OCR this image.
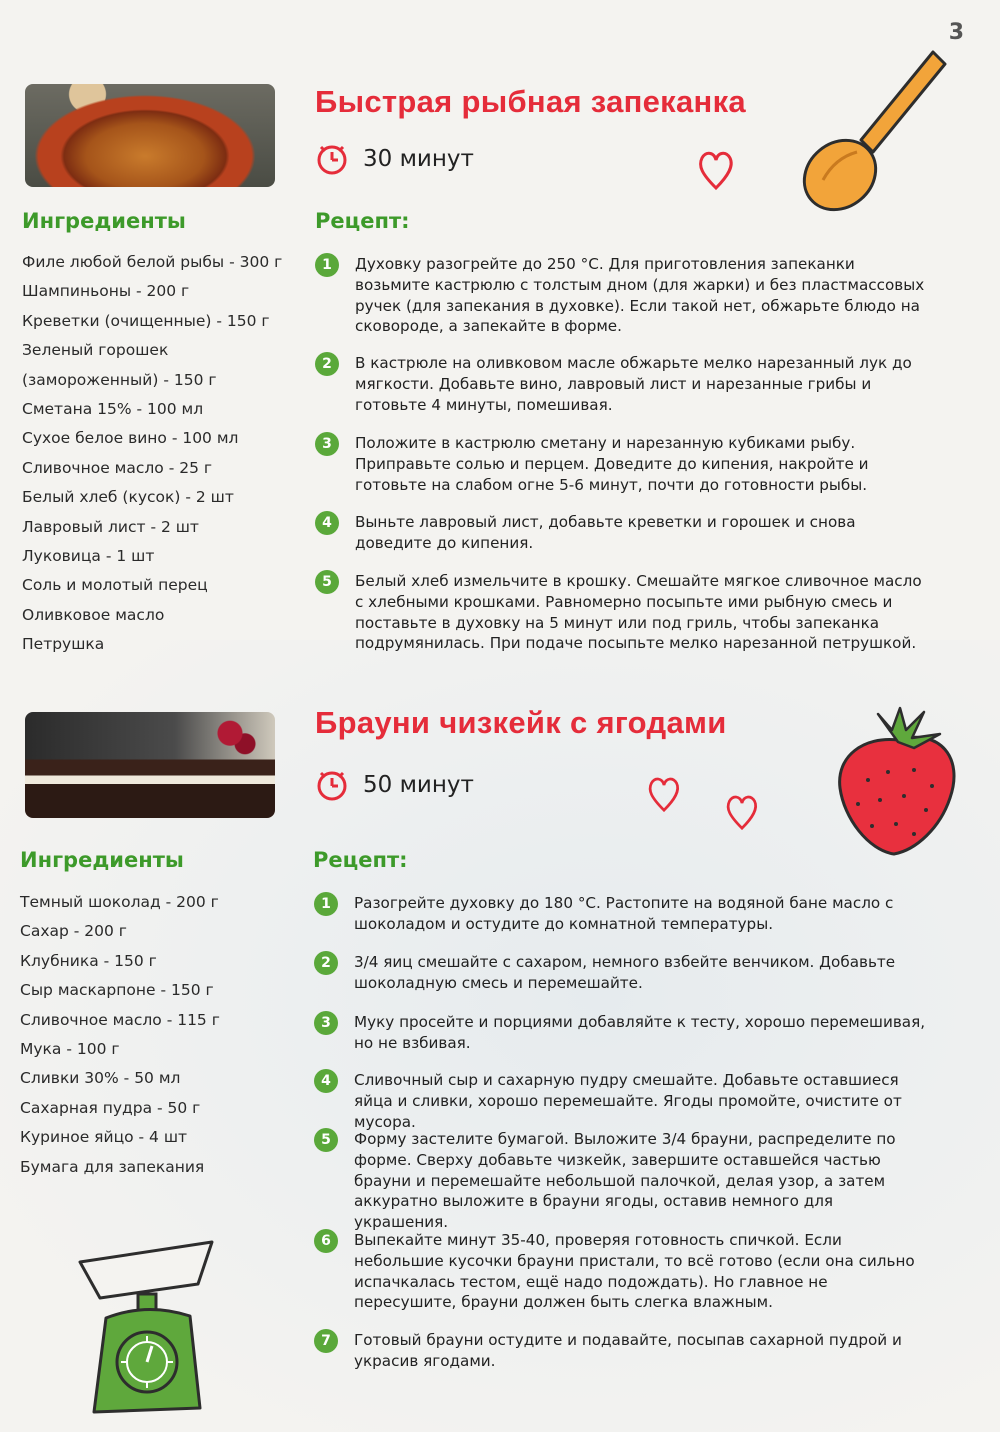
3
Быстрая рыбная запеканка
30 минут
Ингредиенты	Рецепт:
Филе любой белой рыбы - 300 г
Шампиньоны - 200 г
Креветки (очищенные) - 150 г
Зеленый горошек
(замороженный) - 150 г
Сметана 15% - 100 мл
Сухое белое вино - 100 мл
Сливочное масло - 25 г
Белый хлеб (кусок) - 2 шт
Лавровый лист - 2 шт
Луковица - 1 шт
Соль и молотый перец
Оливковое масло
Петрушка
1	Духовку разогрейте до 250 °С. Для приготовления запеканки возьмите кастрюлю с толстым дном (для жарки) и без пластмассовых ручек (для запекания в духовке). Если такой нет, обжарьте блюдо на сковороде, а запекайте в форме.
2	В кастрюле на оливковом масле обжарьте мелко нарезанный лук до мягкости. Добавьте вино, лавровый лист и нарезанные грибы и готовьте 4 минуты, помешивая.
3	Положите в кастрюлю сметану и нарезанную кубиками рыбу. Приправьте солью и перцем. Доведите до кипения, накройте и готовьте на слабом огне 5-6 минут, почти до готовности рыбы.
4	Выньте лавровый лист, добавьте креветки и горошек и снова доведите до кипения.
5	Белый хлеб измельчите в крошку. Смешайте мягкое сливочное масло с хлебными крошками. Равномерно посыпьте ими рыбную смесь и поставьте в духовку на 5 минут или под гриль, чтобы запеканка подрумянилась. При подаче посыпьте мелко нарезанной петрушкой.
Брауни чизкейк с ягодами
50 минут
Ингредиенты	Рецепт:
Темный шоколад - 200 г
Сахар - 200 г
Клубника - 150 г
Сыр маскарпоне - 150 г
Сливочное масло - 115 г
Мука - 100 г
Сливки 30% - 50 мл
Сахарная пудра - 50 г
Куриное яйцо - 4 шт
Бумага для запекания
1	Разогрейте духовку до 180 °С. Растопите на водяной бане масло с шоколадом и остудите до комнатной температуры.
2	3/4 яиц смешайте с сахаром, немного взбейте венчиком. Добавьте шоколадную смесь и перемешайте.
3	Муку просейте и порциями добавляйте к тесту, хорошо перемешивая, но не взбивая.
4	Сливочный сыр и сахарную пудру смешайте. Добавьте оставшиеся яйца и сливки, хорошо перемешайте. Ягоды промойте, очистите от мусора.
5	Форму застелите бумагой. Выложите 3/4 брауни, распределите по форме. Сверху добавьте чизкейк, завершите оставшейся частью брауни и перемешайте небольшой палочкой, делая узор, а затем аккуратно выложите в брауни ягоды, оставив немного для украшения.
6	Выпекайте минут 35-40, проверяя готовность спичкой. Если небольшие кусочки брауни пристали, то всё готово (если она сильно испачкалась тестом, ещё надо подождать). Но главное не пересушите, брауни должен быть слегка влажным.
7	Готовый брауни остудите и подавайте, посыпав сахарной пудрой и украсив ягодами.
